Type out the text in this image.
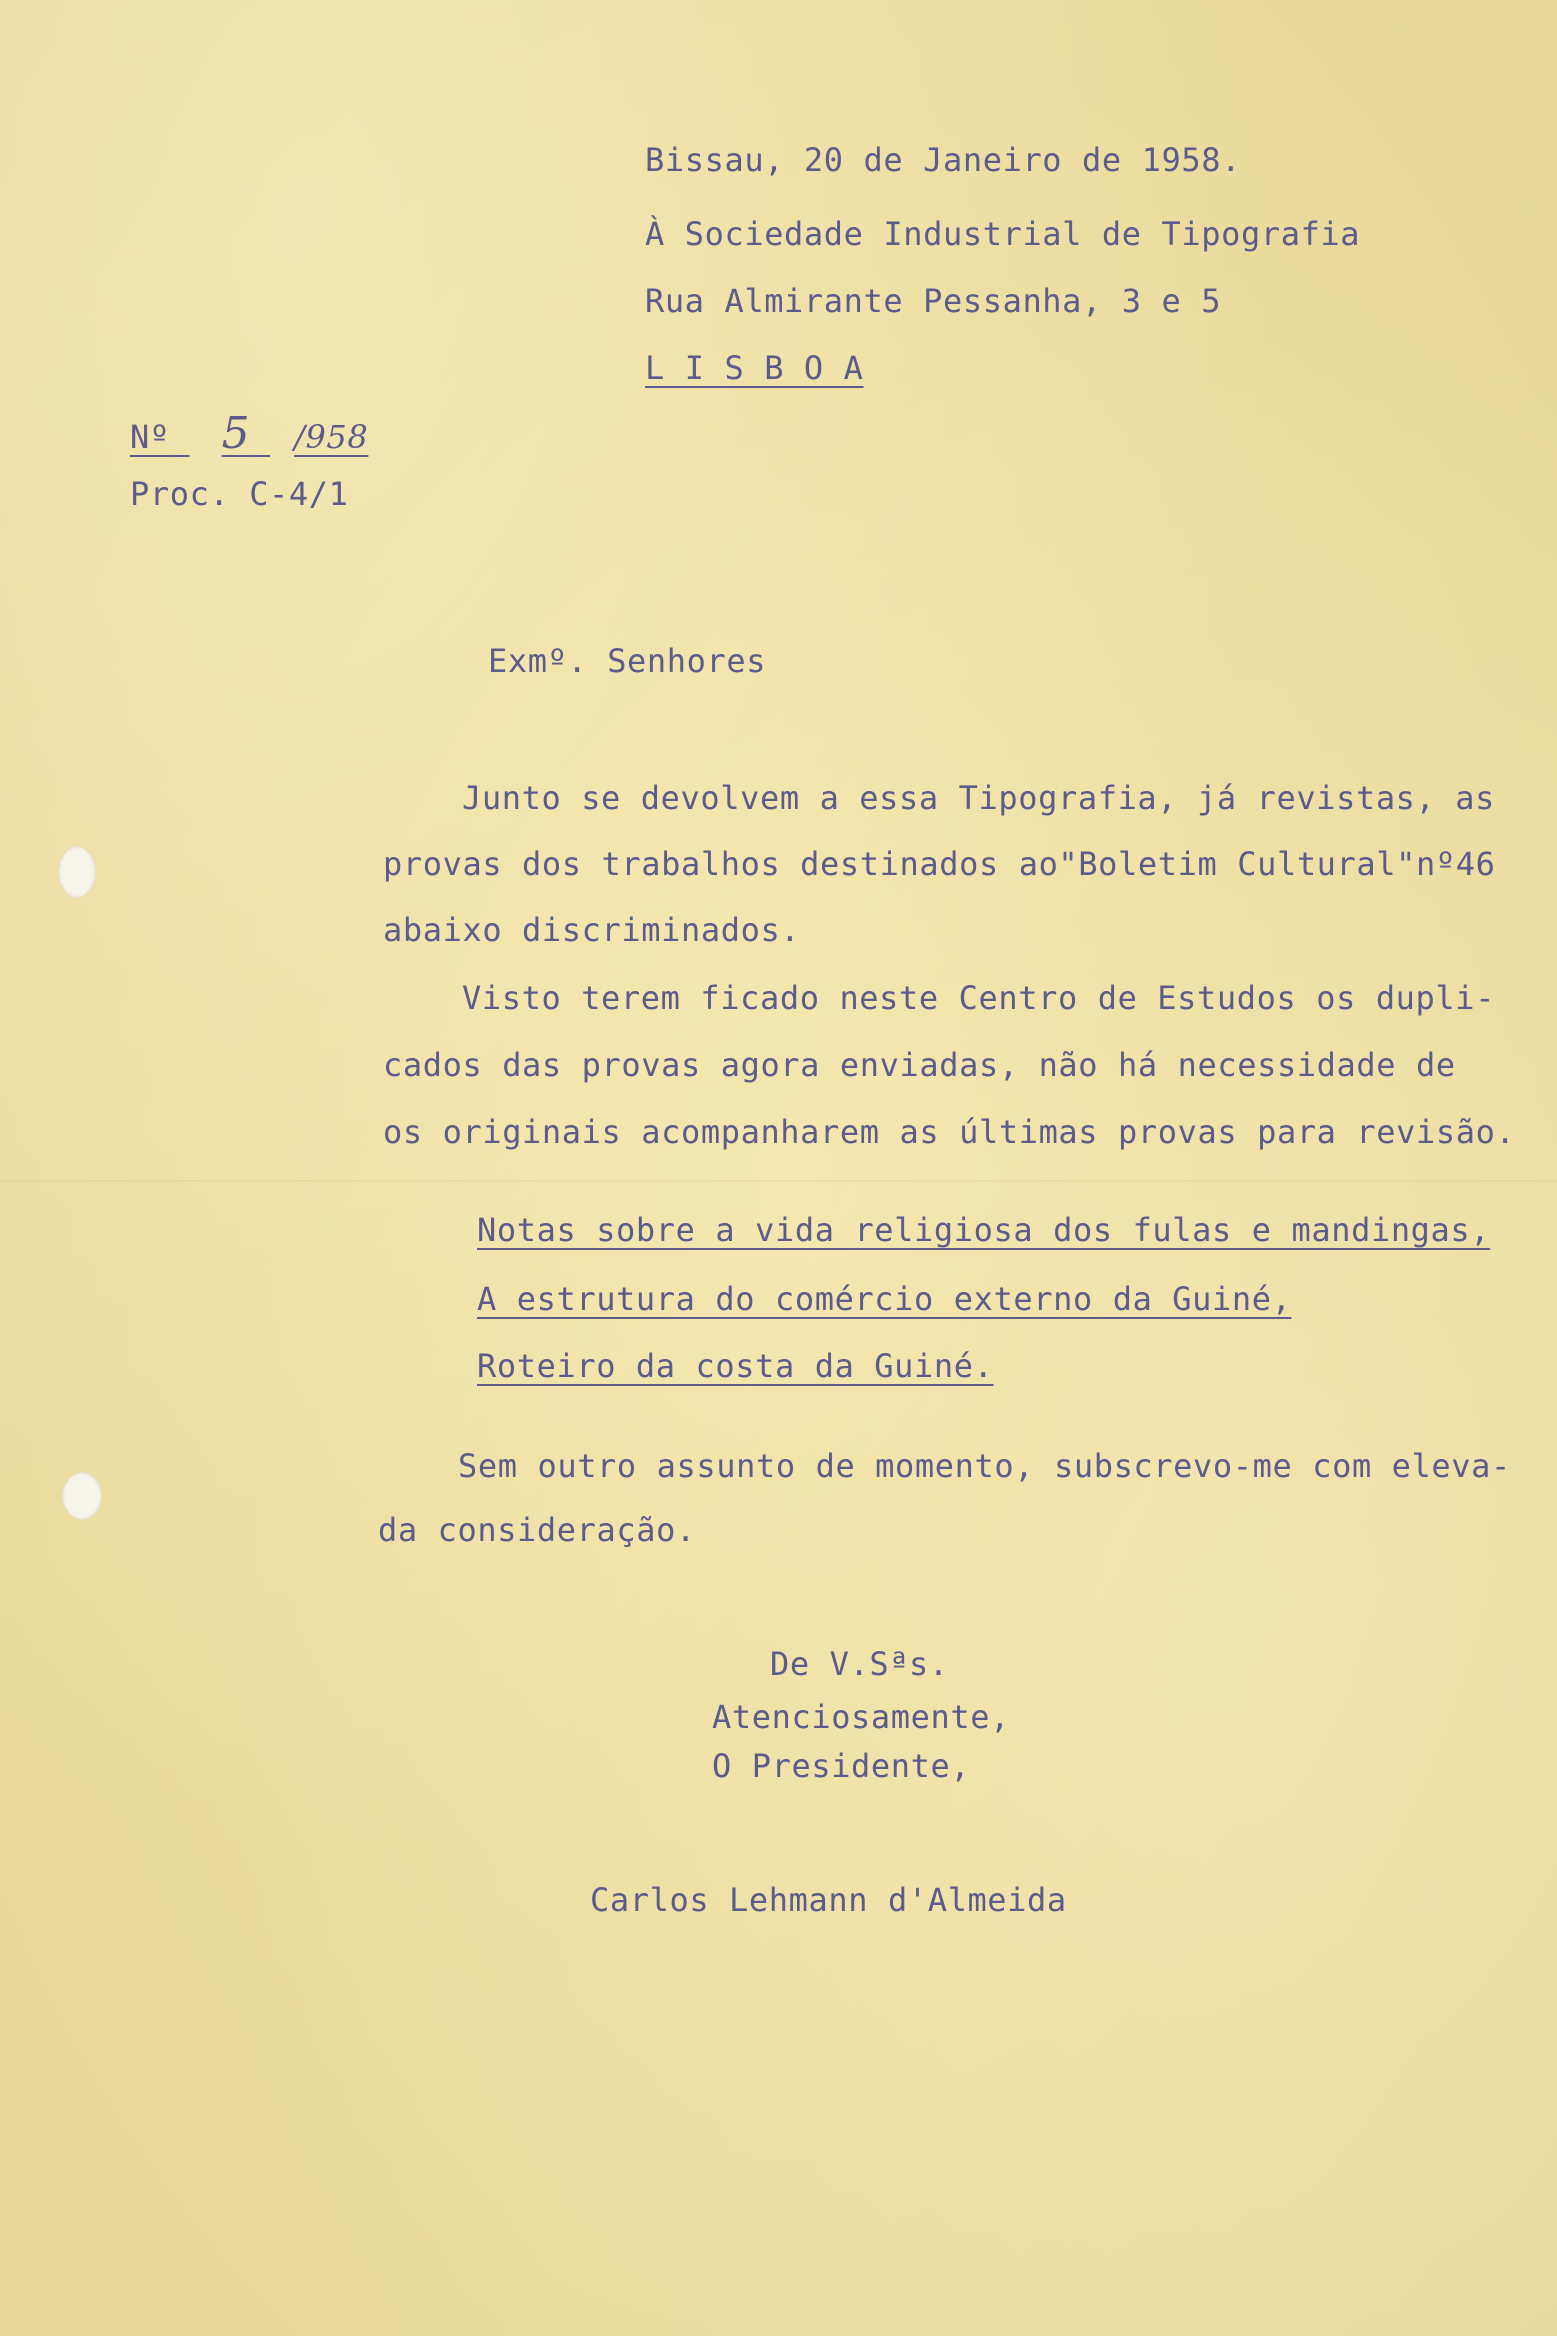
Bissau, 20 de Janeiro de 1958.
À Sociedade Industrial de Tipografia
Rua Almirante Pessanha, 3 e 5
L I S B O A
Nº 5 /958
Proc. C-4/1
Exmº. Senhores
Junto se devolvem a essa Tipografia, já revistas, as
provas dos trabalhos destinados ao"Boletim Cultural"nº46
abaixo discriminados.
Visto terem ficado neste Centro de Estudos os dupli-
cados das provas agora enviadas, não há necessidade de
os originais acompanharem as últimas provas para revisão.
Notas sobre a vida religiosa dos fulas e mandingas,
A estrutura do comércio externo da Guiné,
Roteiro da costa da Guiné.
Sem outro assunto de momento, subscrevo-me com eleva-
da consideração.
De V.Sªs.
Atenciosamente,
O Presidente,
Carlos Lehmann d'Almeida
